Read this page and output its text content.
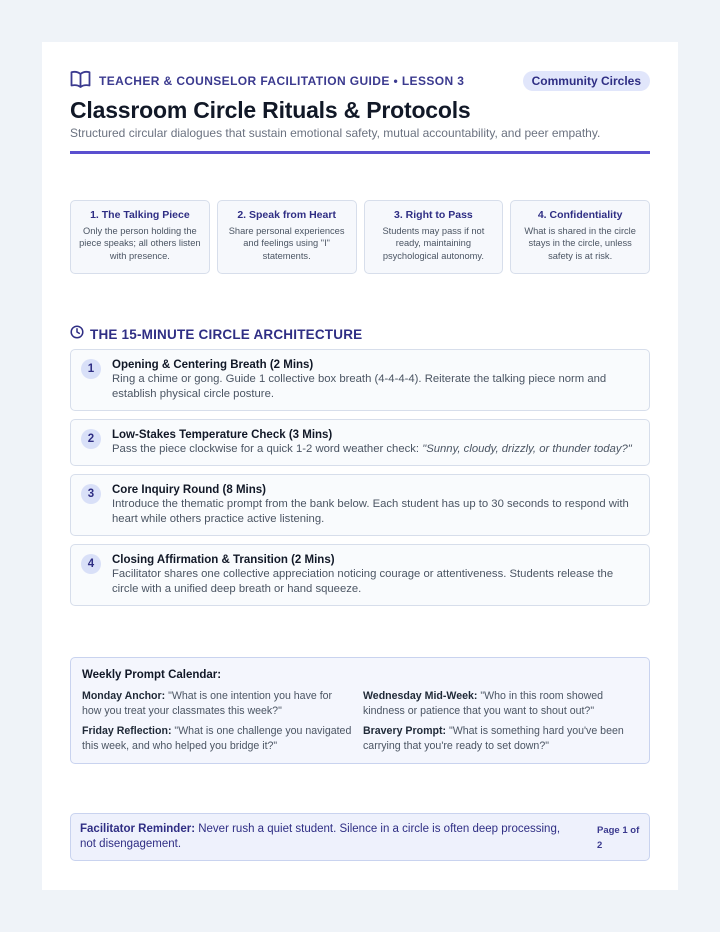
TEACHER & COUNSELOR FACILITATION GUIDE • LESSON 3	Community Circles
Classroom Circle Rituals & Protocols
Structured circular dialogues that sustain emotional safety, mutual accountability, and peer empathy.
1. The Talking Piece
Only the person holding the piece speaks; all others listen with presence.
2. Speak from Heart
Share personal experiences and feelings using "I" statements.
3. Right to Pass
Students may pass if not ready, maintaining psychological autonomy.
4. Confidentiality
What is shared in the circle stays in the circle, unless safety is at risk.
THE 15-MINUTE CIRCLE ARCHITECTURE
1	Opening & Centering Breath (2 Mins)
Ring a chime or gong. Guide 1 collective box breath (4-4-4-4). Reiterate the talking piece norm and establish physical circle posture.
2	Low-Stakes Temperature Check (3 Mins)
Pass the piece clockwise for a quick 1-2 word weather check: "Sunny, cloudy, drizzly, or thunder today?"
3	Core Inquiry Round (8 Mins)
Introduce the thematic prompt from the bank below. Each student has up to 30 seconds to respond with heart while others practice active listening.
4	Closing Affirmation & Transition (2 Mins)
Facilitator shares one collective appreciation noticing courage or attentiveness. Students release the circle with a unified deep breath or hand squeeze.
Weekly Prompt Calendar:
Monday Anchor: "What is one intention you have for how you treat your classmates this week?"
Wednesday Mid-Week: "Who in this room showed kindness or patience that you want to shout out?"
Friday Reflection: "What is one challenge you navigated this week, and who helped you bridge it?"
Bravery Prompt: "What is something hard you've been carrying that you're ready to set down?"
Facilitator Reminder: Never rush a quiet student. Silence in a circle is often deep processing, not disengagement.
Page 1 of 2
